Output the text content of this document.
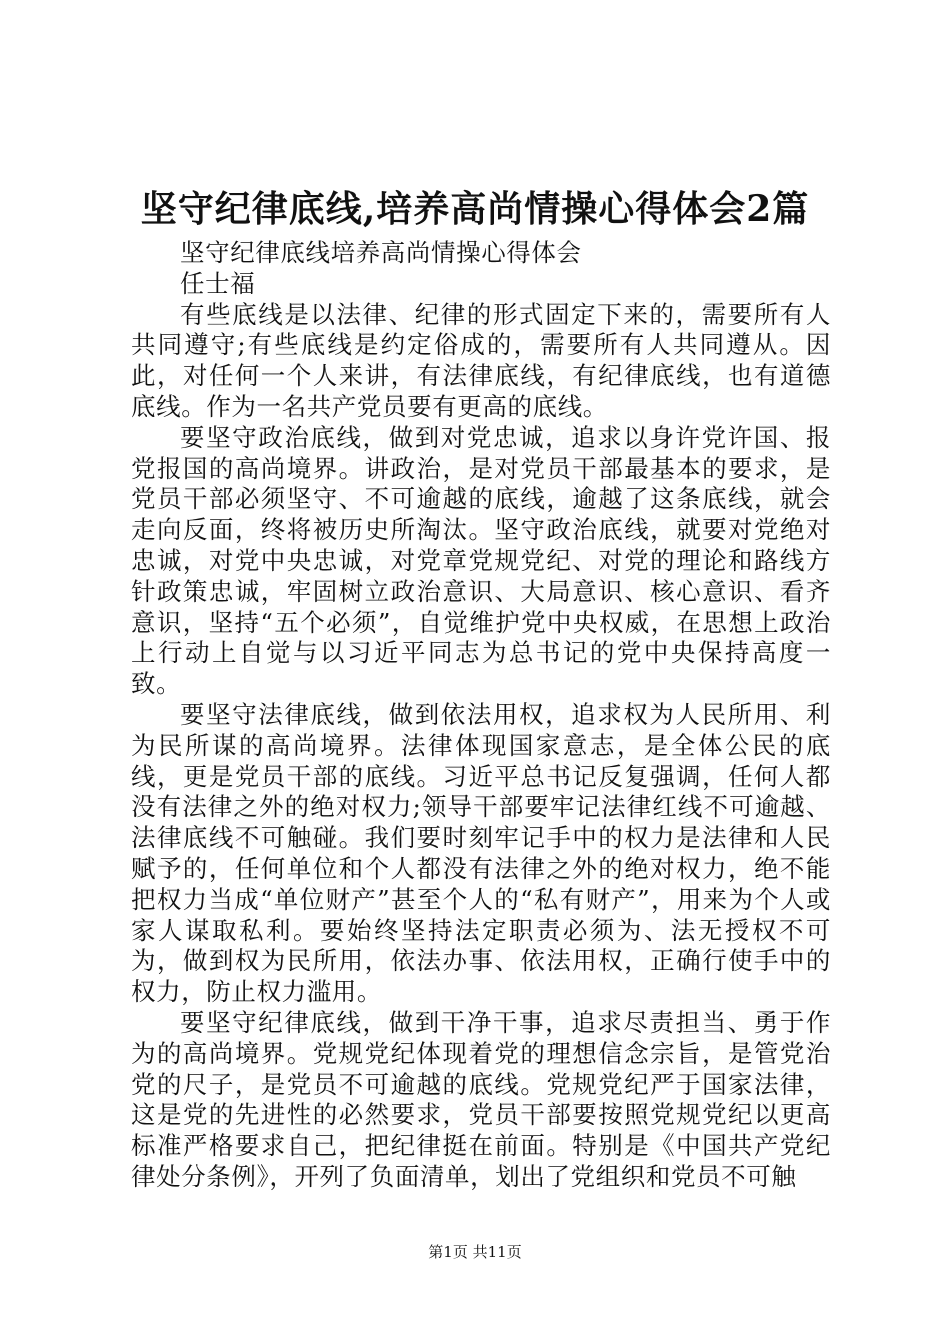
坚守纪律底线,培养高尚情操心得体会2篇

坚守纪律底线培养高尚情操心得体会

任士福

有些底线是以法律、纪律的形式固定下来的，需要所有人共同遵守;有些底线是约定俗成的，需要所有人共同遵从。因此，对任何一个人来讲，有法律底线，有纪律底线，也有道德底线。作为一名共产党员要有更高的底线。

要坚守政治底线，做到对党忠诚，追求以身许党许国、报党报国的高尚境界。讲政治，是对党员干部最基本的要求，是党员干部必须坚守、不可逾越的底线，逾越了这条底线，就会走向反面，终将被历史所淘汰。坚守政治底线，就要对党绝对忠诚，对党中央忠诚，对党章党规党纪、对党的理论和路线方针政策忠诚，牢固树立政治意识、大局意识、核心意识、看齐意识，坚持“五个必须”，自觉维护党中央权威，在思想上政治上行动上自觉与以习近平同志为总书记的党中央保持高度一致。

要坚守法律底线，做到依法用权，追求权为人民所用、利为民所谋的高尚境界。法律体现国家意志，是全体公民的底线，更是党员干部的底线。习近平总书记反复强调，任何人都没有法律之外的绝对权力;领导干部要牢记法律红线不可逾越、法律底线不可触碰。我们要时刻牢记手中的权力是法律和人民赋予的，任何单位和个人都没有法律之外的绝对权力，绝不能把权力当成“单位财产”甚至个人的“私有财产”，用来为个人或家人谋取私利。要始终坚持法定职责必须为、法无授权不可为，做到权为民所用，依法办事、依法用权，正确行使手中的权力，防止权力滥用。

要坚守纪律底线，做到干净干事，追求尽责担当、勇于作为的高尚境界。党规党纪体现着党的理想信念宗旨，是管党治党的尺子，是党员不可逾越的底线。党规党纪严于国家法律，这是党的先进性的必然要求，党员干部要按照党规党纪以更高标准严格要求自己，把纪律挺在前面。特别是《中国共产党纪律处分条例》，开列了负面清单，划出了党组织和党员不可触

第1页 共11页
